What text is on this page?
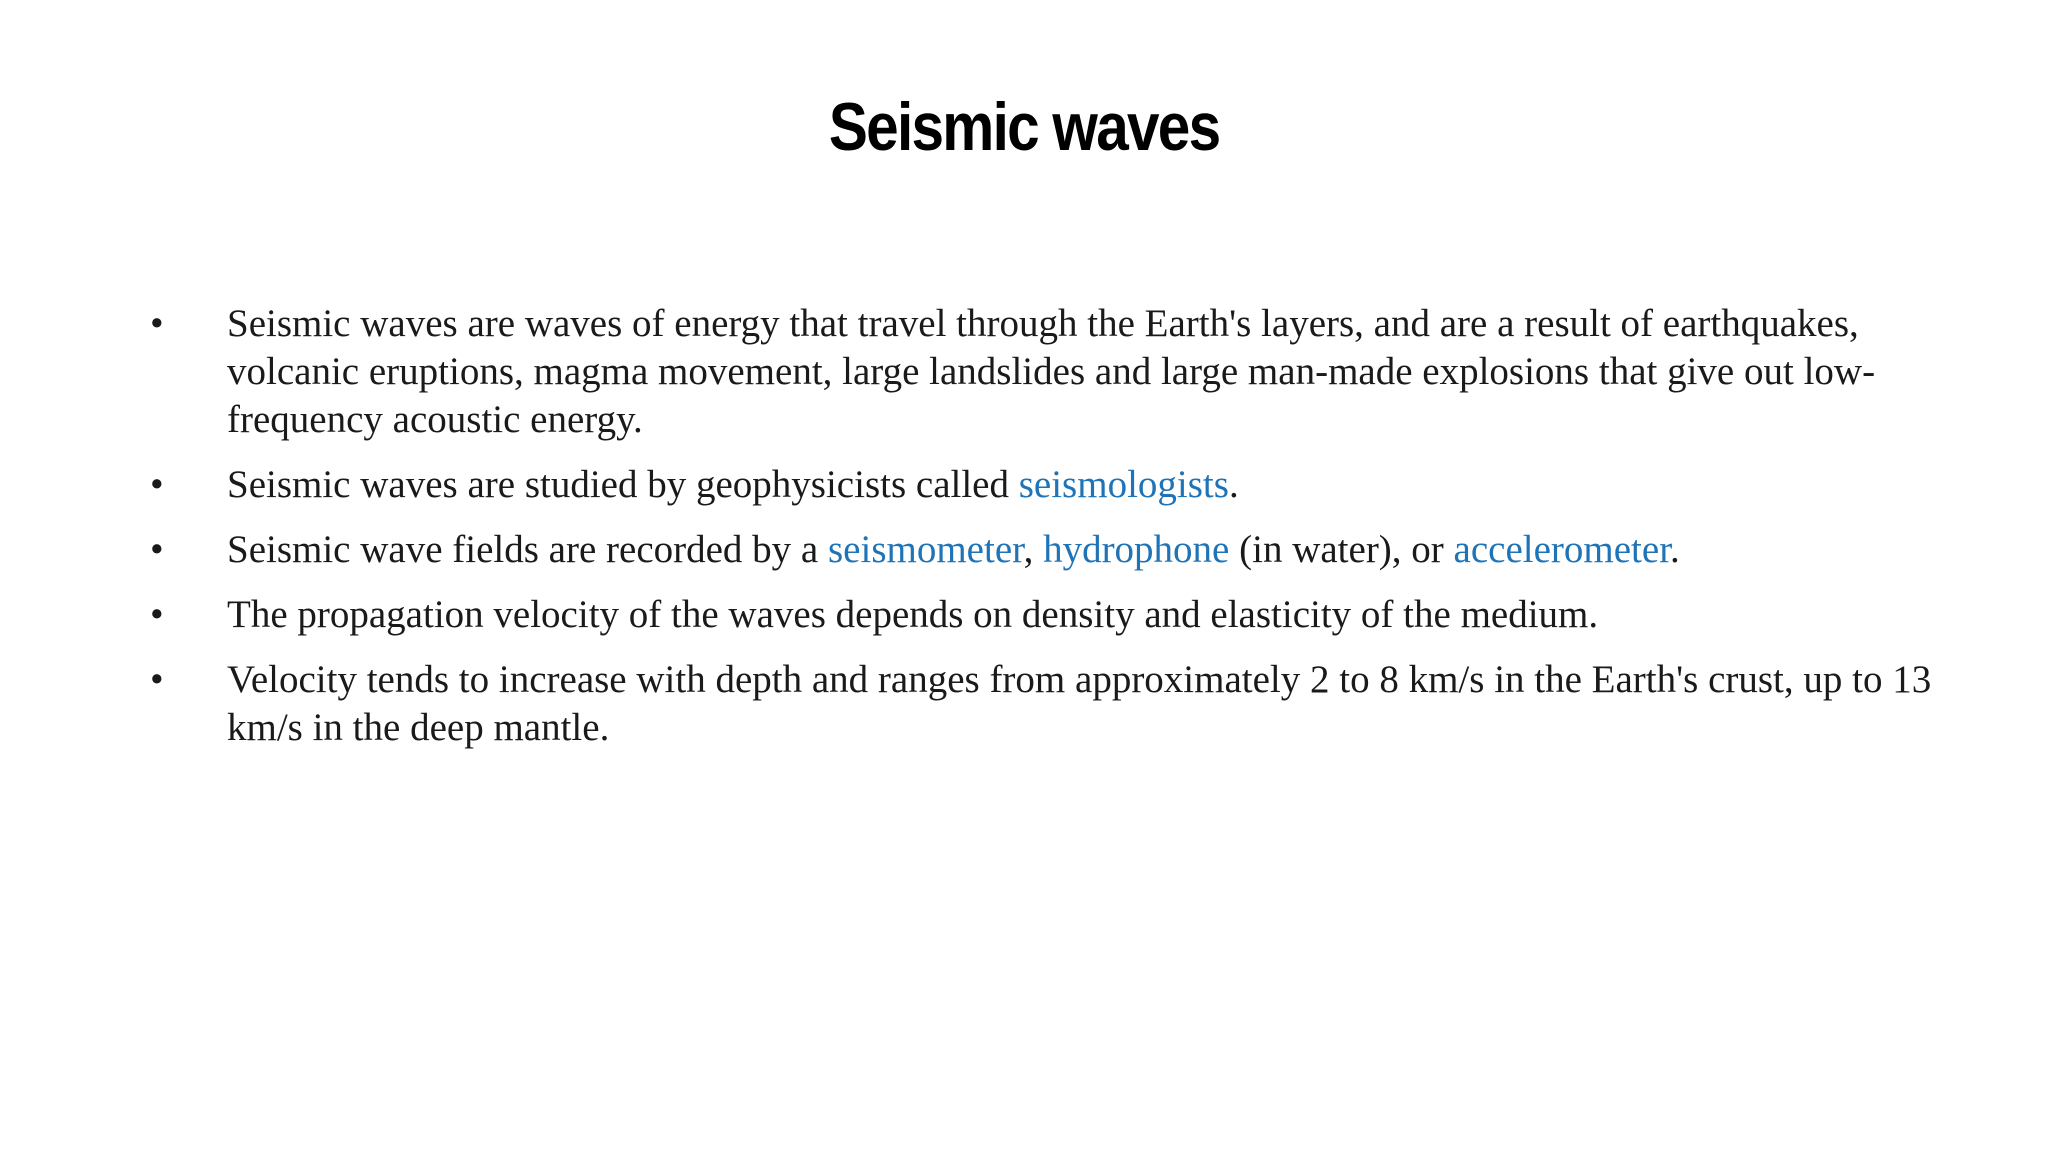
Seismic waves
•	Seismic waves are waves of energy that travel through the Earth's layers, and are a result of earthquakes, volcanic eruptions, magma movement, large landslides and large man-made explosions that give out low-frequency acoustic energy.
•	Seismic waves are studied by geophysicists called seismologists.
•	Seismic wave fields are recorded by a seismometer, hydrophone (in water), or accelerometer.
•	The propagation velocity of the waves depends on density and elasticity of the medium.
•	Velocity tends to increase with depth and ranges from approximately 2 to 8 km/s in the Earth's crust, up to 13 km/s in the deep mantle.
